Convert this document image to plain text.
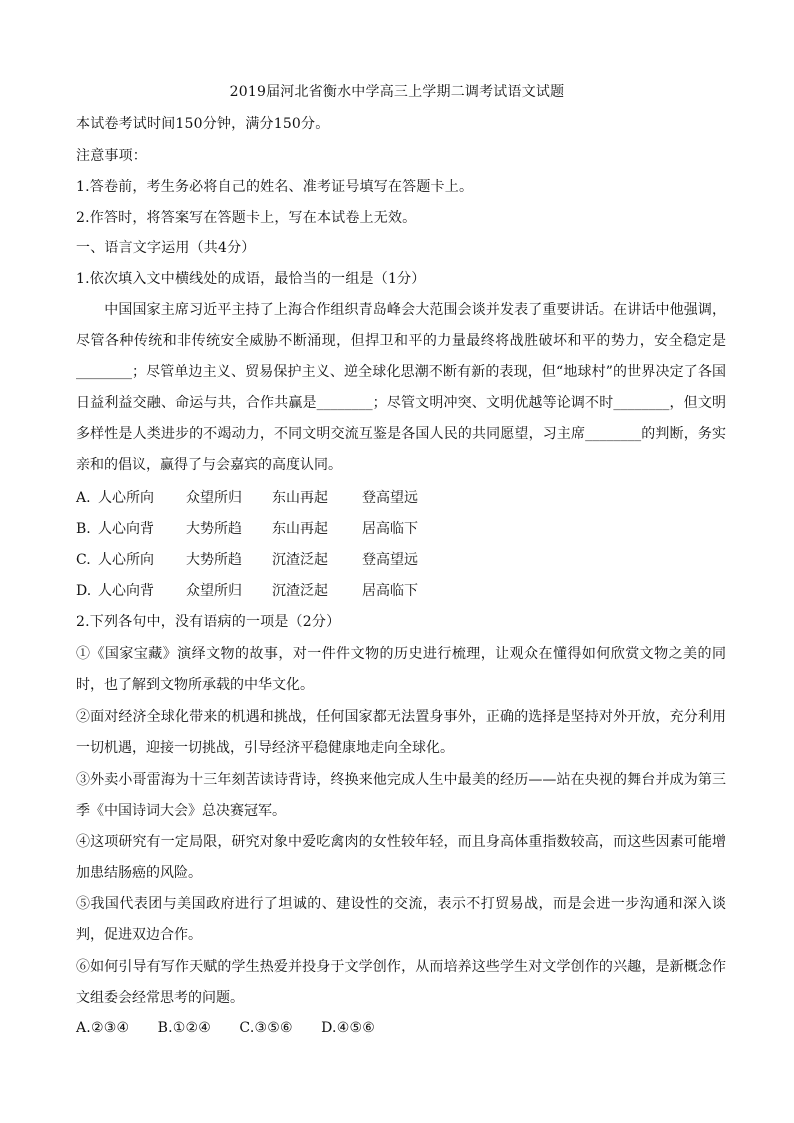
2019届河北省衡水中学高三上学期二调考试语文试题
本试卷考试时间150分钟，满分150分。
注意事项：
1.答卷前，考生务必将自己的姓名、准考证号填写在答题卡上。
2.作答时，将答案写在答题卡上，写在本试卷上无效。
一、语言文字运用（共4分）
1.依次填入文中横线处的成语，最恰当的一组是（1分）

　　中国国家主席习近平主持了上海合作组织青岛峰会大范围会谈并发表了重要讲话。在讲话中他强调，尽管各种传统和非传统安全威胁不断涌现，但捍卫和平的力量最终将战胜破坏和平的势力，安全稳定是________；尽管单边主义、贸易保护主义、逆全球化思潮不断有新的表现，但“地球村”的世界决定了各国日益利益交融、命运与共，合作共赢是________；尽管文明冲突、文明优越等论调不时________，但文明多样性是人类进步的不竭动力，不同文明交流互鉴是各国人民的共同愿望，习主席________的判断，务实亲和的倡议，赢得了与会嘉宾的高度认同。

A. 人心所向 众望所归 东山再起 登高望远
B. 人心向背 大势所趋 东山再起 居高临下
C. 人心所向 大势所趋 沉渣泛起 登高望远
D. 人心向背 众望所归 沉渣泛起 居高临下
2.下列各句中，没有语病的一项是（2分）

①《国家宝藏》演绎文物的故事，对一件件文物的历史进行梳理，让观众在懂得如何欣赏文物之美的同时，也了解到文物所承载的中华文化。

②面对经济全球化带来的机遇和挑战，任何国家都无法置身事外，正确的选择是坚持对外开放，充分利用一切机遇，迎接一切挑战，引导经济平稳健康地走向全球化。

③外卖小哥雷海为十三年刻苦读诗背诗，终换来他完成人生中最美的经历——站在央视的舞台并成为第三季《中国诗词大会》总决赛冠军。

④这项研究有一定局限，研究对象中爱吃禽肉的女性较年轻，而且身高体重指数较高，而这些因素可能增加患结肠癌的风险。

⑤我国代表团与美国政府进行了坦诚的、建设性的交流，表示不打贸易战，而是会进一步沟通和深入谈判，促进双边合作。

⑥如何引导有写作天赋的学生热爱并投身于文学创作，从而培养这些学生对文学创作的兴趣，是新概念作文组委会经常思考的问题。

A.②③④　　B.①②④　　C.③⑤⑥　　D.④⑤⑥
